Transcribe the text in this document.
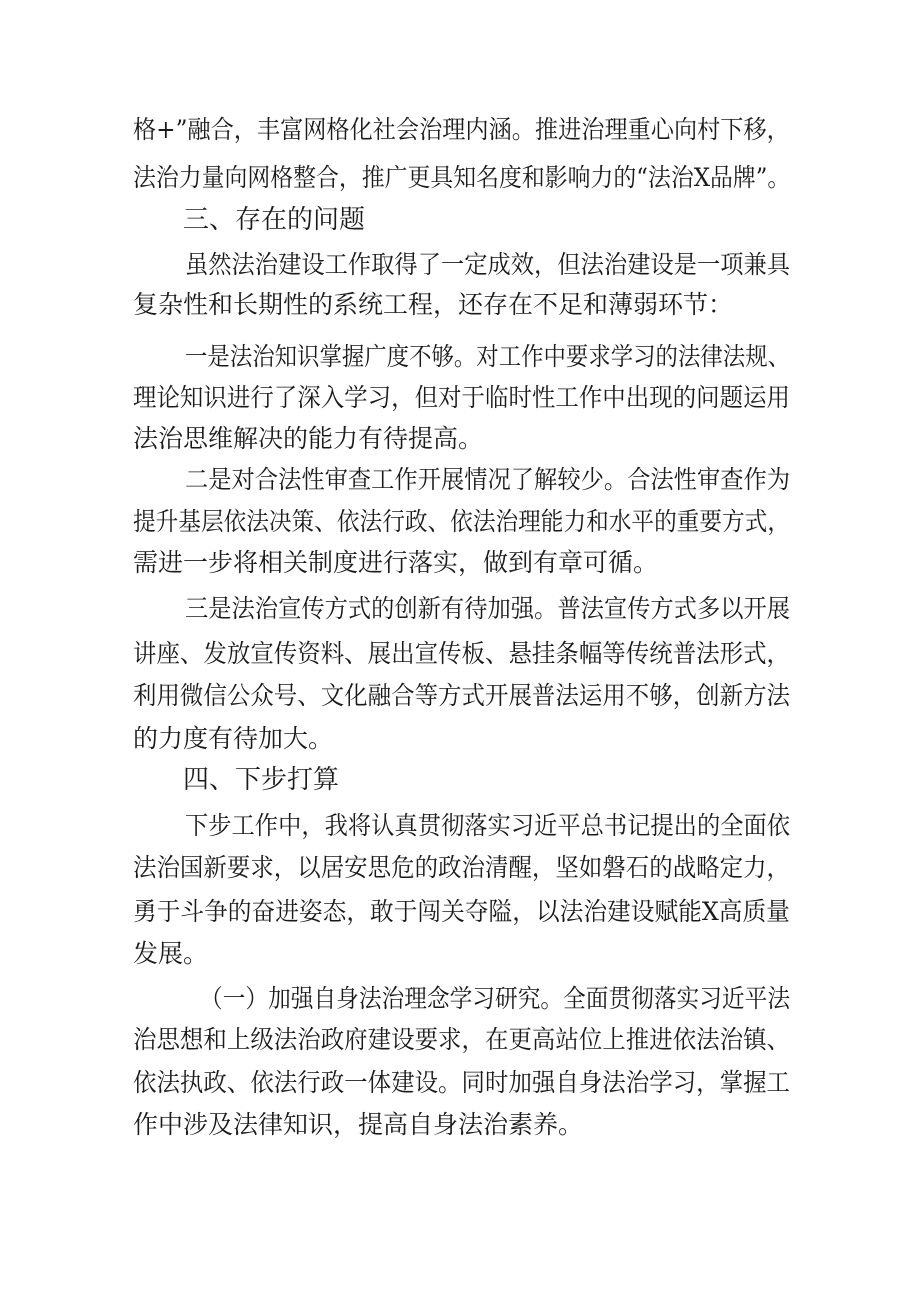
格+”融合，丰富网格化社会治理内涵。推进治理重心向村下移，
法治力量向网格整合，推广更具知名度和影响力的“法治X品牌”。
三、存在的问题
虽然法治建设工作取得了一定成效，但法治建设是一项兼具
复杂性和长期性的系统工程，还存在不足和薄弱环节：
一是法治知识掌握广度不够。对工作中要求学习的法律法规、
理论知识进行了深入学习，但对于临时性工作中出现的问题运用
法治思维解决的能力有待提高。
二是对合法性审查工作开展情况了解较少。合法性审查作为
提升基层依法决策、依法行政、依法治理能力和水平的重要方式，
需进一步将相关制度进行落实，做到有章可循。
三是法治宣传方式的创新有待加强。普法宣传方式多以开展
讲座、发放宣传资料、展出宣传板、悬挂条幅等传统普法形式，
利用微信公众号、文化融合等方式开展普法运用不够，创新方法
的力度有待加大。
四、下步打算
下步工作中，我将认真贯彻落实习近平总书记提出的全面依
法治国新要求，以居安思危的政治清醒，坚如磐石的战略定力，
勇于斗争的奋进姿态，敢于闯关夺隘，以法治建设赋能X高质量
发展。
（一）加强自身法治理念学习研究。全面贯彻落实习近平法
治思想和上级法治政府建设要求，在更高站位上推进依法治镇、
依法执政、依法行政一体建设。同时加强自身法治学习，掌握工
作中涉及法律知识，提高自身法治素养。
